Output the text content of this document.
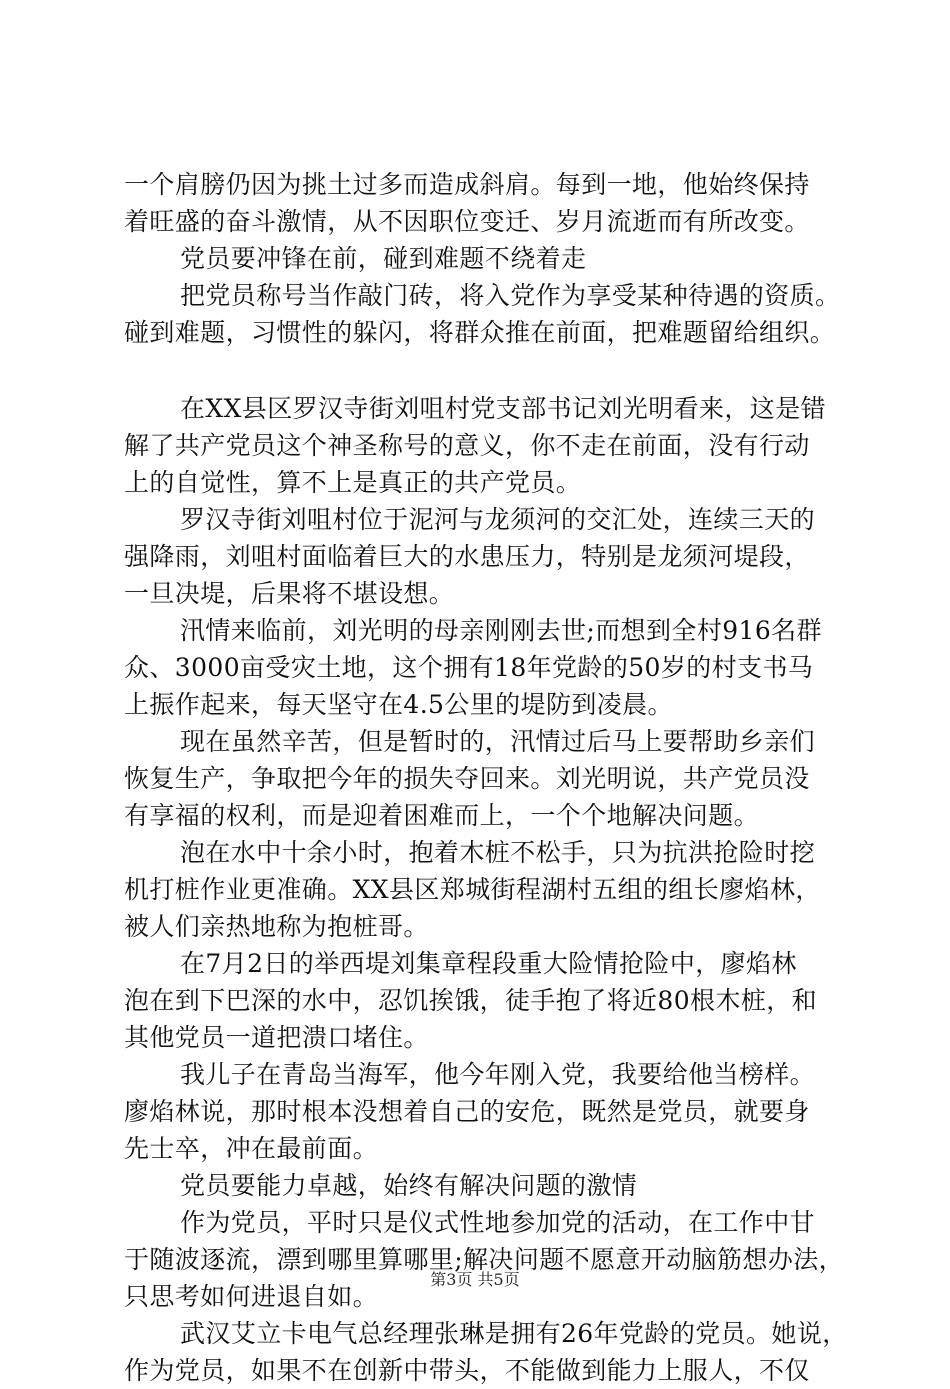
一个肩膀仍因为挑土过多而造成斜肩。每到一地，他始终保持
着旺盛的奋斗激情，从不因职位变迁、岁月流逝而有所改变。
党员要冲锋在前，碰到难题不绕着走
把党员称号当作敲门砖，将入党作为享受某种待遇的资质。
碰到难题，习惯性的躲闪，将群众推在前面，把难题留给组织。
在XX县区罗汉寺街刘咀村党支部书记刘光明看来，这是错
解了共产党员这个神圣称号的意义，你不走在前面，没有行动
上的自觉性，算不上是真正的共产党员。
罗汉寺街刘咀村位于泥河与龙须河的交汇处，连续三天的
强降雨，刘咀村面临着巨大的水患压力，特别是龙须河堤段，
一旦决堤，后果将不堪设想。
汛情来临前，刘光明的母亲刚刚去世;而想到全村916名群
众、3000亩受灾土地，这个拥有18年党龄的50岁的村支书马
上振作起来，每天坚守在4.5公里的堤防到凌晨。
现在虽然辛苦，但是暂时的，汛情过后马上要帮助乡亲们
恢复生产，争取把今年的损失夺回来。刘光明说，共产党员没
有享福的权利，而是迎着困难而上，一个个地解决问题。
泡在水中十余小时，抱着木桩不松手，只为抗洪抢险时挖
机打桩作业更准确。XX县区郑城街程湖村五组的组长廖焰林，
被人们亲热地称为抱桩哥。
在7月2日的举西堤刘集章程段重大险情抢险中，廖焰林
泡在到下巴深的水中，忍饥挨饿，徒手抱了将近80根木桩，和
其他党员一道把溃口堵住。
我儿子在青岛当海军，他今年刚入党，我要给他当榜样。
廖焰林说，那时根本没想着自己的安危，既然是党员，就要身
先士卒，冲在最前面。
党员要能力卓越，始终有解决问题的激情
作为党员，平时只是仪式性地参加党的活动，在工作中甘
于随波逐流，漂到哪里算哪里;解决问题不愿意开动脑筋想办法，
只思考如何进退自如。
武汉艾立卡电气总经理张琳是拥有26年党龄的党员。她说，
作为党员，如果不在创新中带头，不能做到能力上服人，不仅
第3页 共5页
